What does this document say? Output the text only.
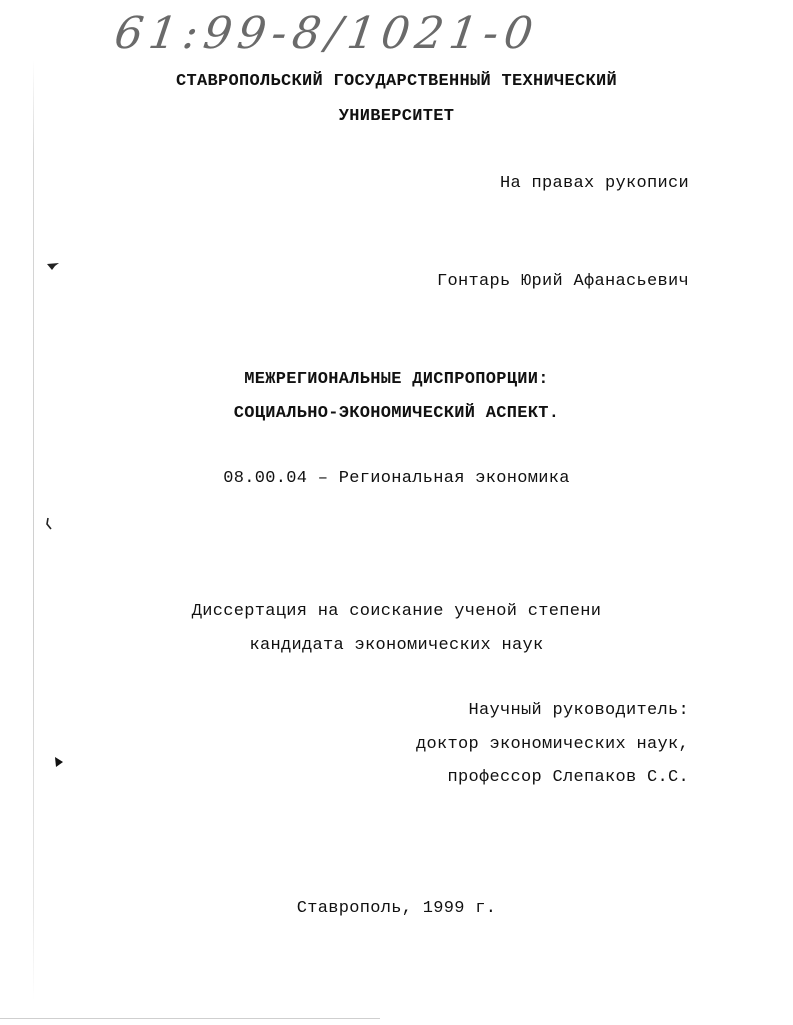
61:99-8/1021-0
СТАВРОПОЛЬСКИЙ ГОСУДАРСТВЕННЫЙ ТЕХНИЧЕСКИЙ
УНИВЕРСИТЕТ
На правах рукописи
Гонтарь Юрий Афанасьевич
МЕЖРЕГИОНАЛЬНЫЕ ДИСПРОПОРЦИИ:
СОЦИАЛЬНО-ЭКОНОМИЧЕСКИЙ АСПЕКТ.
08.00.04 – Региональная экономика
Диссертация на соискание ученой степени
кандидата экономических наук
Научный руководитель:
доктор экономических наук,
профессор Слепаков С.С.
Ставрополь, 1999 г.
